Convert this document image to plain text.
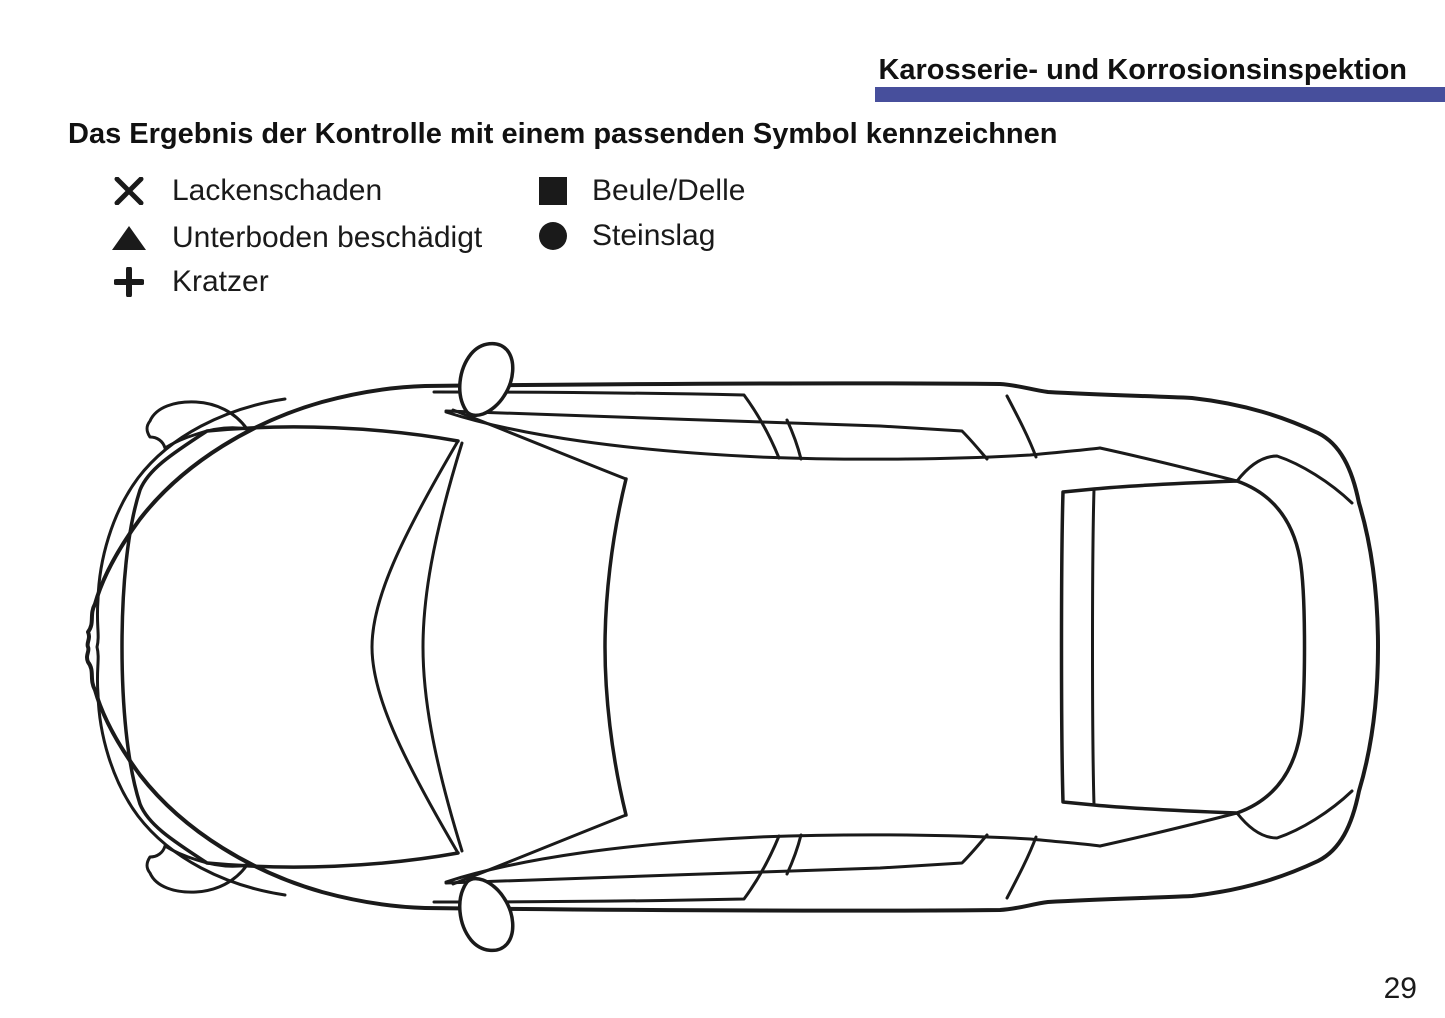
Karosserie- und Korrosionsinspektion
Das Ergebnis der Kontrolle mit einem passenden Symbol kennzeichnen
Lackenschaden
Unterboden beschädigt
Kratzer
Beule/Delle
Steinslag
29
